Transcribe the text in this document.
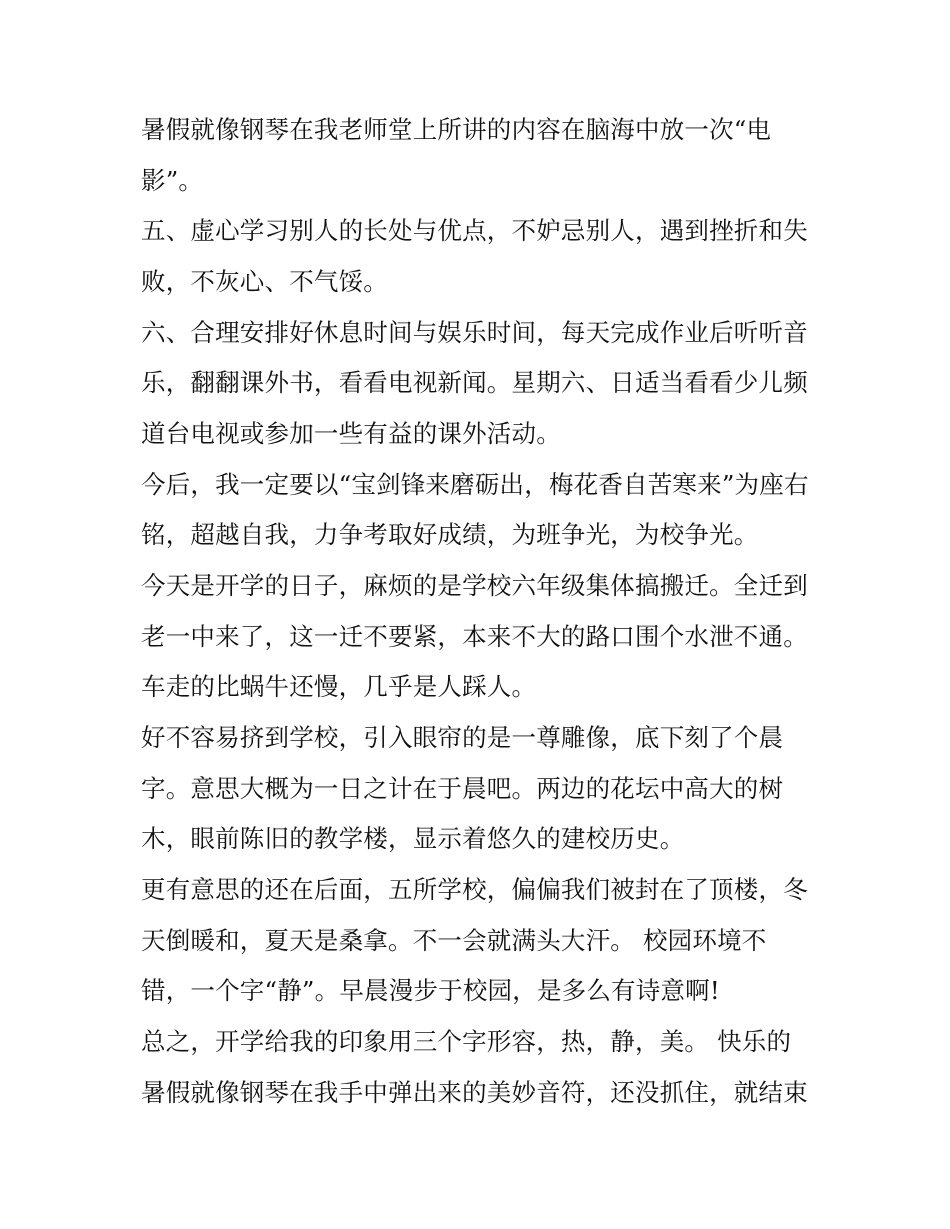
暑假就像钢琴在我老师堂上所讲的内容在脑海中放一次“电
影”。
五、虚心学习别人的长处与优点，不妒忌别人，遇到挫折和失
败，不灰心、不气馁。
六、合理安排好休息时间与娱乐时间，每天完成作业后听听音
乐，翻翻课外书，看看电视新闻。星期六、日适当看看少儿频
道台电视或参加一些有益的课外活动。
今后，我一定要以“宝剑锋来磨砺出，梅花香自苦寒来”为座右
铭，超越自我，力争考取好成绩，为班争光，为校争光。
今天是开学的日子，麻烦的是学校六年级集体搞搬迁。全迁到
老一中来了，这一迁不要紧，本来不大的路口围个水泄不通。
车走的比蜗牛还慢，几乎是人踩人。
好不容易挤到学校，引入眼帘的是一尊雕像，底下刻了个晨
字。意思大概为一日之计在于晨吧。两边的花坛中高大的树
木，眼前陈旧的教学楼，显示着悠久的建校历史。
更有意思的还在后面，五所学校，偏偏我们被封在了顶楼，冬
天倒暖和，夏天是桑拿。不一会就满头大汗。 校园环境不
错，一个字“静”。早晨漫步于校园，是多么有诗意啊!
总之，开学给我的印象用三个字形容，热，静，美。 快乐的
暑假就像钢琴在我手中弹出来的美妙音符，还没抓住，就结束
